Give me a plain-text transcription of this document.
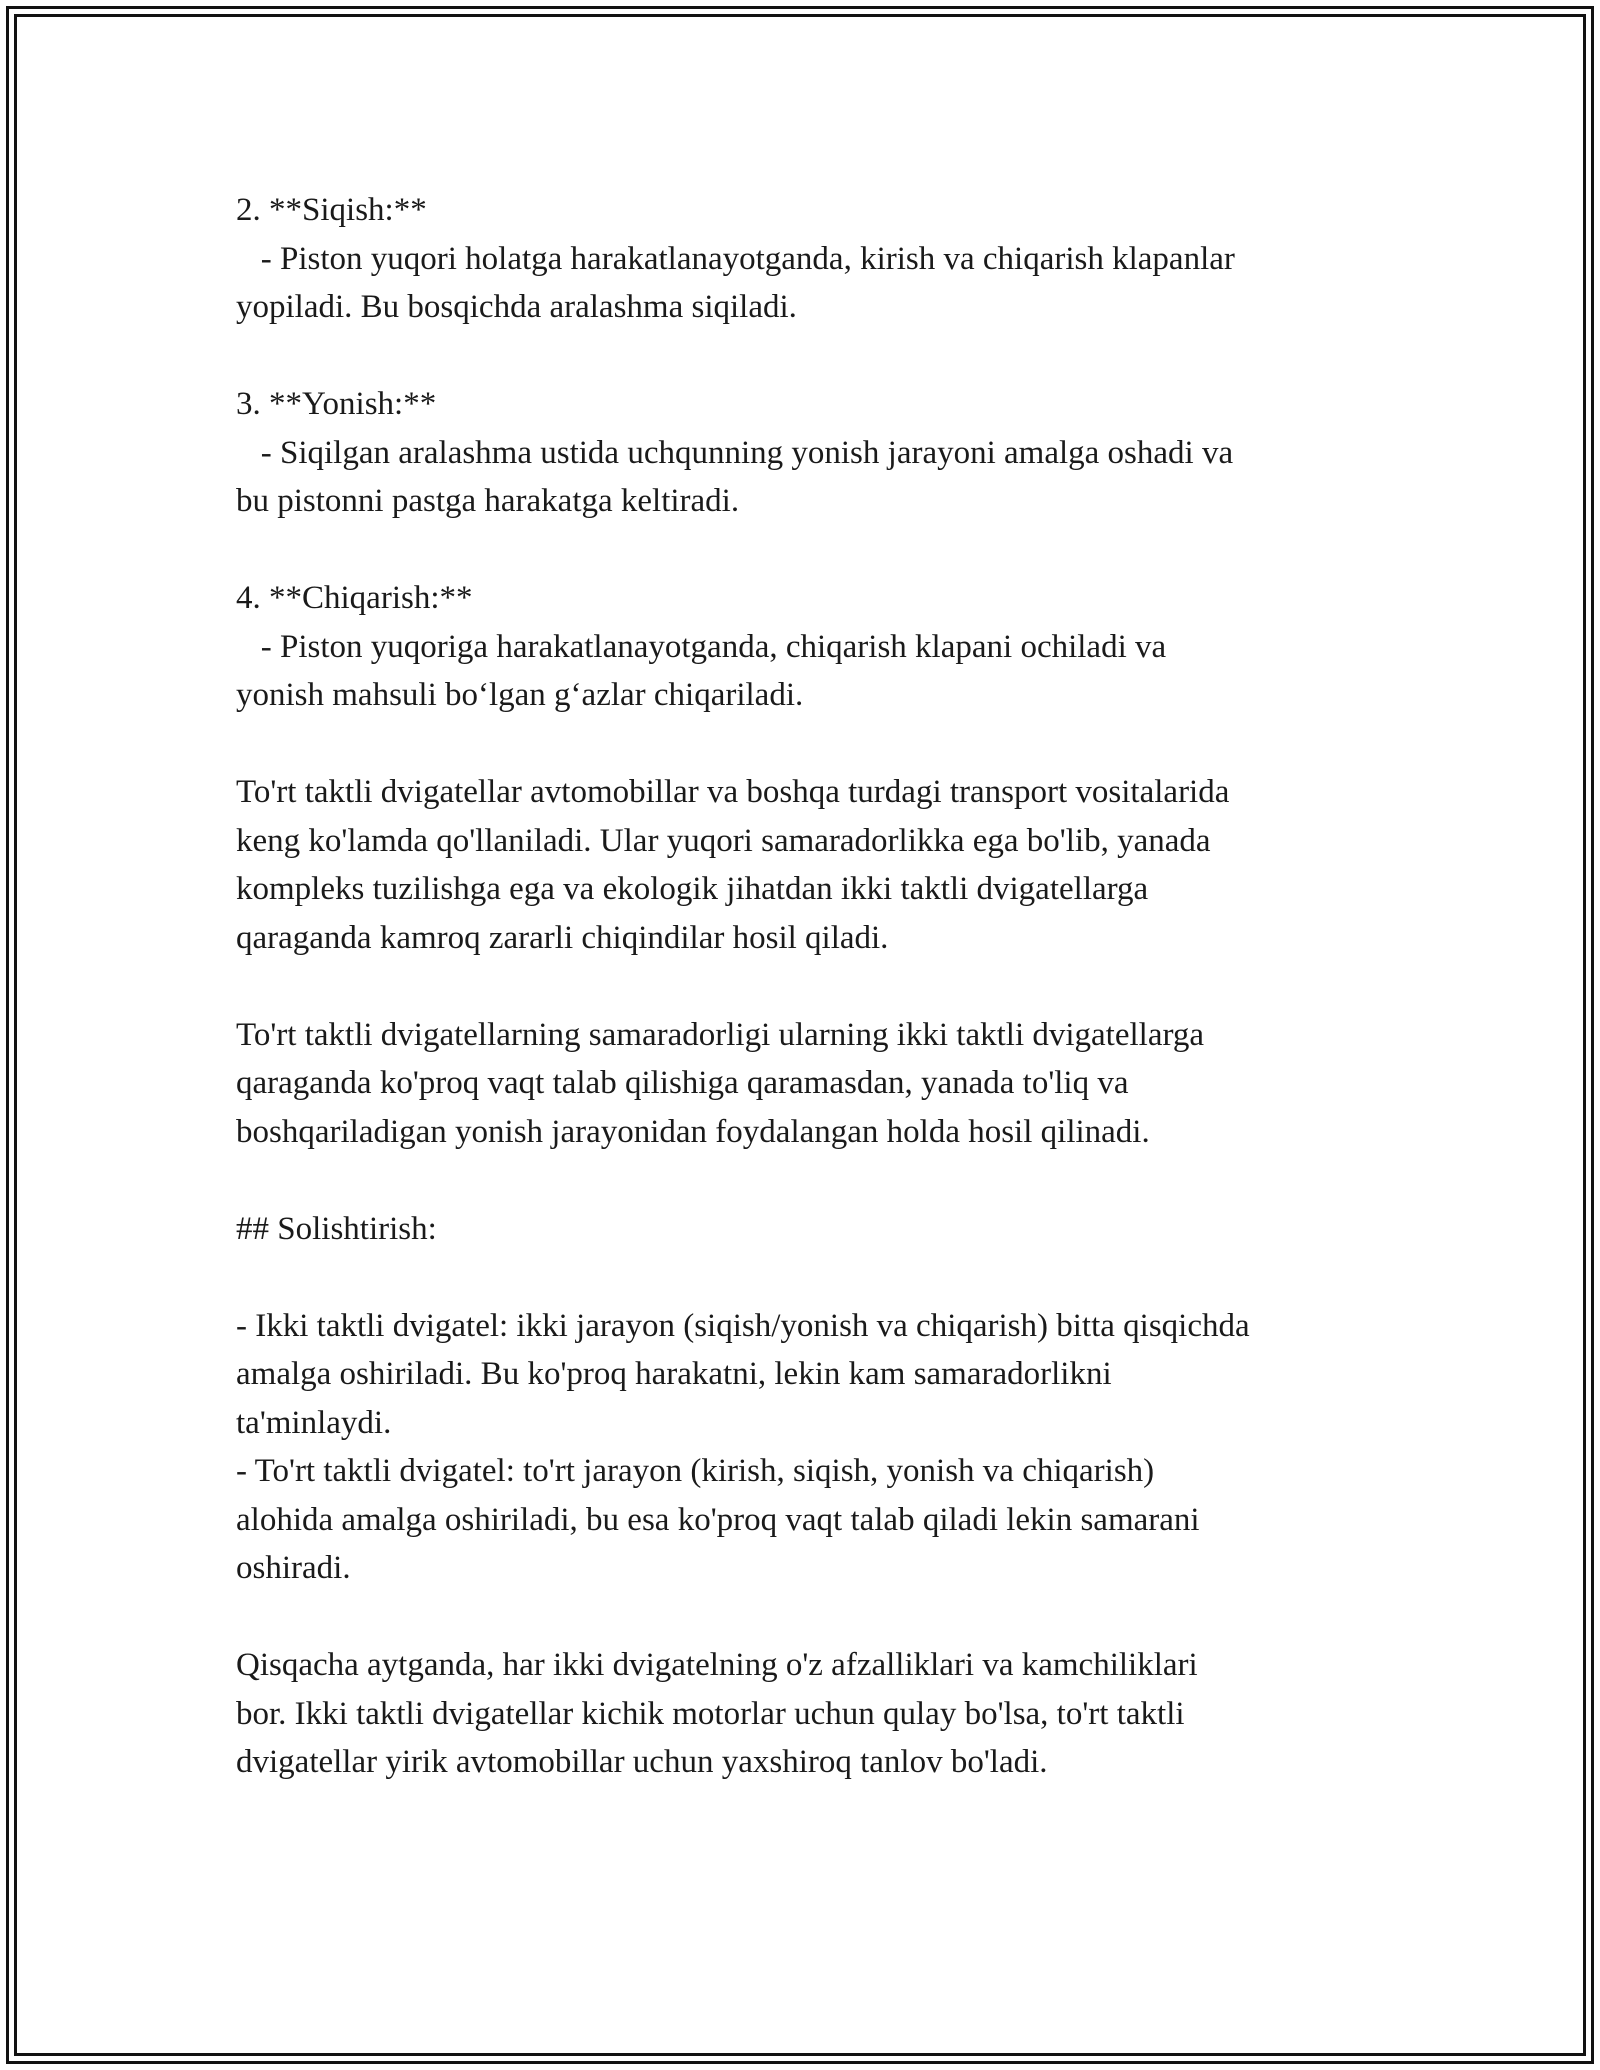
2. **Siqish:**
- Piston yuqori holatga harakatlanayotganda, kirish va chiqarish klapanlar
yopiladi. Bu bosqichda aralashma siqiladi.
3. **Yonish:**
- Siqilgan aralashma ustida uchqunning yonish jarayoni amalga oshadi va
bu pistonni pastga harakatga keltiradi.
4. **Chiqarish:**
- Piston yuqoriga harakatlanayotganda, chiqarish klapani ochiladi va
yonish mahsuli bo‘lgan g‘azlar chiqariladi.
To'rt taktli dvigatellar avtomobillar va boshqa turdagi transport vositalarida
keng ko'lamda qo'llaniladi. Ular yuqori samaradorlikka ega bo'lib, yanada
kompleks tuzilishga ega va ekologik jihatdan ikki taktli dvigatellarga
qaraganda kamroq zararli chiqindilar hosil qiladi.
To'rt taktli dvigatellarning samaradorligi ularning ikki taktli dvigatellarga
qaraganda ko'proq vaqt talab qilishiga qaramasdan, yanada to'liq va
boshqariladigan yonish jarayonidan foydalangan holda hosil qilinadi.
## Solishtirish:
- Ikki taktli dvigatel: ikki jarayon (siqish/yonish va chiqarish) bitta qisqichda
amalga oshiriladi. Bu ko'proq harakatni, lekin kam samaradorlikni
ta'minlaydi.
- To'rt taktli dvigatel: to'rt jarayon (kirish, siqish, yonish va chiqarish)
alohida amalga oshiriladi, bu esa ko'proq vaqt talab qiladi lekin samarani
oshiradi.
Qisqacha aytganda, har ikki dvigatelning o'z afzalliklari va kamchiliklari
bor. Ikki taktli dvigatellar kichik motorlar uchun qulay bo'lsa, to'rt taktli
dvigatellar yirik avtomobillar uchun yaxshiroq tanlov bo'ladi.
